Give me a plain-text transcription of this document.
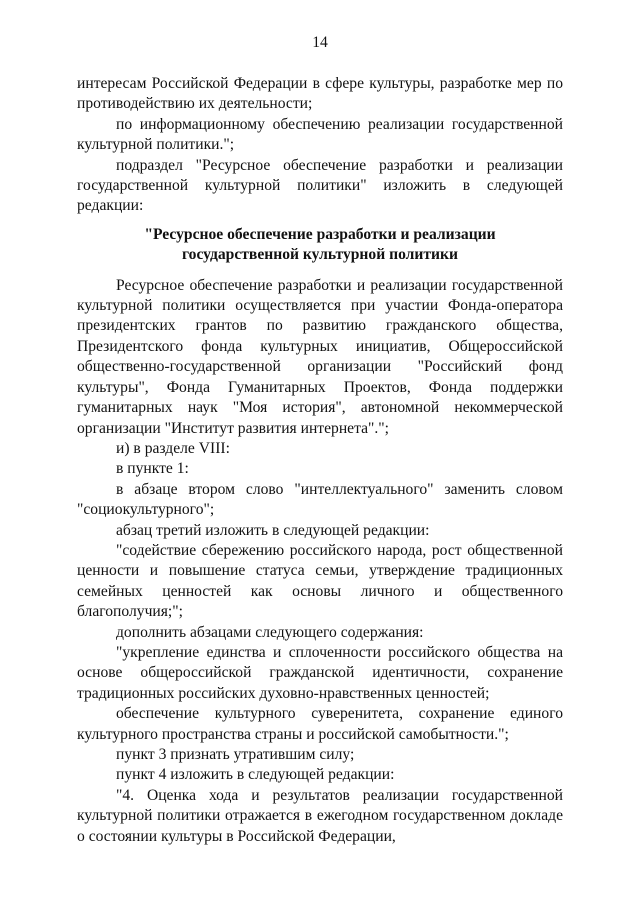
14

интересам Российской Федерации в сфере культуры, разработке мер по противодействию их деятельности;

по информационному обеспечению реализации государственной культурной политики.";

подраздел "Ресурсное обеспечение разработки и реализации государственной культурной политики" изложить в следующей редакции:

"Ресурсное обеспечение разработки и реализации
государственной культурной политики

Ресурсное обеспечение разработки и реализации государственной культурной политики осуществляется при участии Фонда-оператора президентских грантов по развитию гражданского общества, Президентского фонда культурных инициатив, Общероссийской общественно-государственной организации "Российский фонд культуры", Фонда Гуманитарных Проектов, Фонда поддержки гуманитарных наук "Моя история", автономной некоммерческой организации "Институт развития интернета".";

и) в разделе VIII:

в пункте 1:

в абзаце втором слово "интеллектуального" заменить словом "социокультурного";

абзац третий изложить в следующей редакции:

"содействие сбережению российского народа, рост общественной ценности и повышение статуса семьи, утверждение традиционных семейных ценностей как основы личного и общественного благополучия;";

дополнить абзацами следующего содержания:

"укрепление единства и сплоченности российского общества на основе общероссийской гражданской идентичности, сохранение традиционных российских духовно-нравственных ценностей;

обеспечение культурного суверенитета, сохранение единого культурного пространства страны и российской самобытности.";

пункт 3 признать утратившим силу;

пункт 4 изложить в следующей редакции:

"4. Оценка хода и результатов реализации государственной культурной политики отражается в ежегодном государственном докладе о состоянии культуры в Российской Федерации,
